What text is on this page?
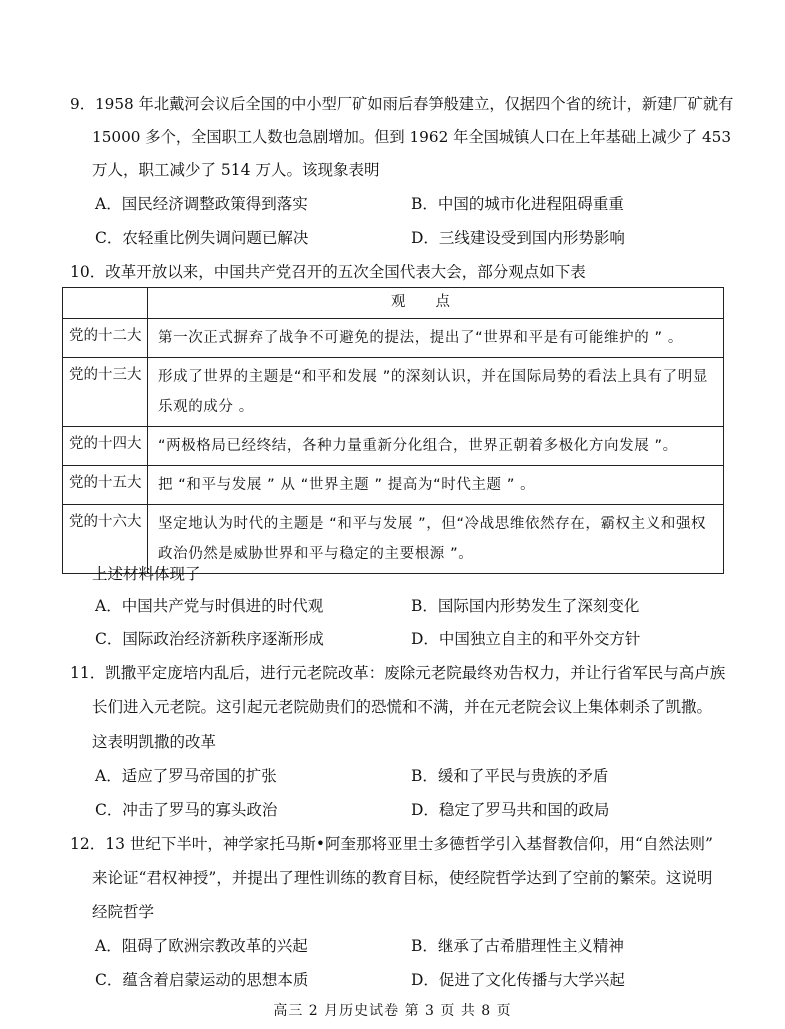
9．1958 年北戴河会议后全国的中小型厂矿如雨后春笋般建立，仅据四个省的统计，新建厂矿就有
15000 多个，全国职工人数也急剧增加。但到 1962 年全国城镇人口在上年基础上减少了 453
万人，职工减少了 514 万人。该现象表明
A．国民经济调整政策得到落实	B．中国的城市化进程阻碍重重
C．农轻重比例失调问题已解决	D．三线建设受到国内形势影响
10．改革开放以来，中国共产党召开的五次全国代表大会，部分观点如下表
	观点
党的十二大	第一次正式摒弃了战争不可避免的提法，提出了“世界和平是有可能维护的 ” 。
党的十三大	形成了世界的主题是“和平和发展 ”的深刻认识，并在国际局势的看法上具有了明显乐观的成分 。
党的十四大	“两极格局已经终结，各种力量重新分化组合，世界正朝着多极化方向发展 ”。
党的十五大	把 “和平与发展 ” 从 “世界主题 ” 提高为“时代主题 ” 。
党的十六大	坚定地认为时代的主题是 “和平与发展 ”，但“冷战思维依然存在，霸权主义和强权政治仍然是威胁世界和平与稳定的主要根源 ”。
上述材料体现了
A．中国共产党与时俱进的时代观	B．国际国内形势发生了深刻变化
C．国际政治经济新秩序逐渐形成	D．中国独立自主的和平外交方针
11．凯撒平定庞培内乱后，进行元老院改革：废除元老院最终劝告权力，并让行省军民与高卢族
长们进入元老院。这引起元老院勋贵们的恐慌和不满，并在元老院会议上集体刺杀了凯撒。
这表明凯撒的改革
A．适应了罗马帝国的扩张	B．缓和了平民与贵族的矛盾
C．冲击了罗马的寡头政治	D．稳定了罗马共和国的政局
12．13 世纪下半叶，神学家托马斯•阿奎那将亚里士多德哲学引入基督教信仰，用“自然法则”
来论证“君权神授”，并提出了理性训练的教育目标，使经院哲学达到了空前的繁荣。这说明
经院哲学
A．阻碍了欧洲宗教改革的兴起	B．继承了古希腊理性主义精神
C．蕴含着启蒙运动的思想本质	D．促进了文化传播与大学兴起
高三 2 月历史试卷 第 3 页 共 8 页
